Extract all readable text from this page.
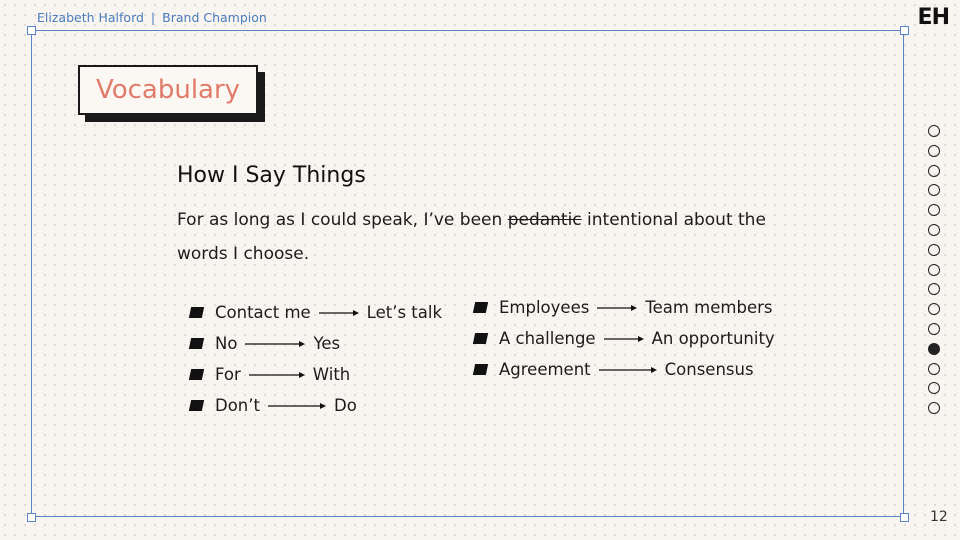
Elizabeth Halford | Brand Champion	EH
Vocabulary
How I Say Things
For as long as I could speak, I’ve been pedantic intentional about the words I choose.
Contact me	Let’s talk
No	Yes
For	With
Don’t	Do
Employees	Team members
A challenge	An opportunity
Agreement	Consensus
12
